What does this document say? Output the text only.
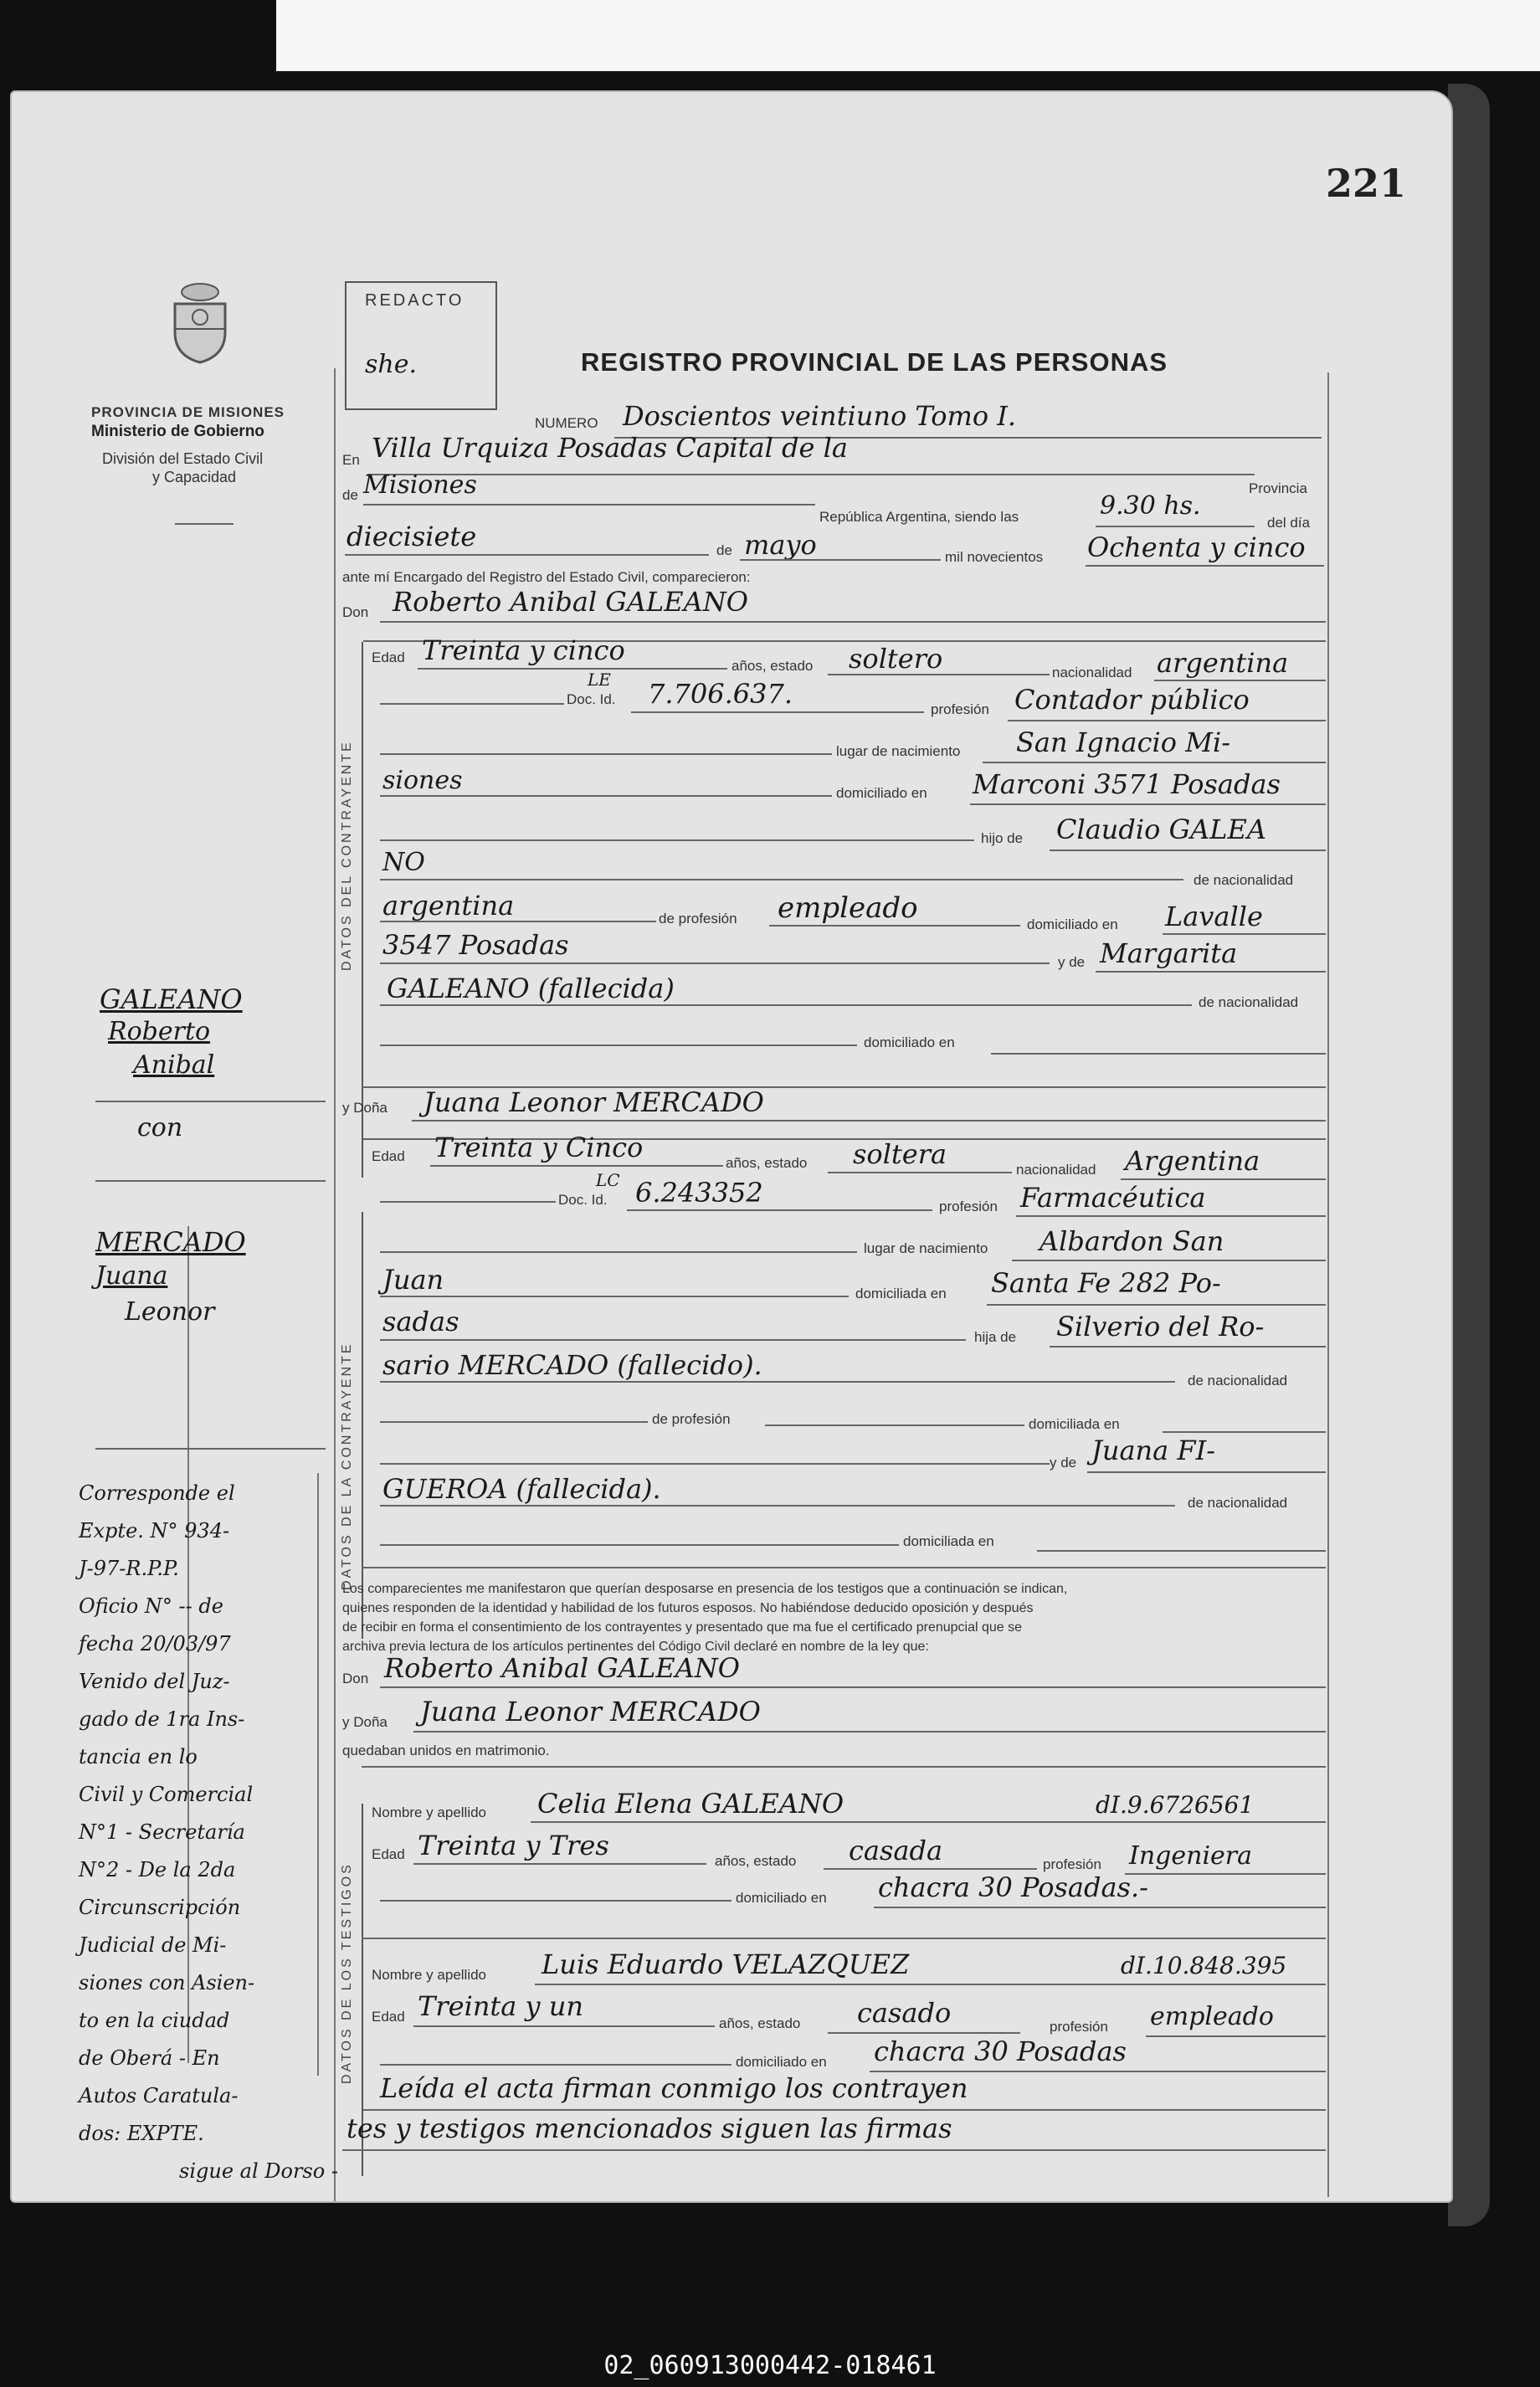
221
PROVINCIA DE MISIONES
Ministerio de Gobierno
División del Estado Civil
y Capacidad
REDACTO
she.	REGISTRO PROVINCIAL DE LAS PERSONAS
DATOS DEL CONTRAYENTE
DATOS DE LA CONTRAYENTE
DATOS DE LOS TESTIGOS
NUMERO Doscientos veintiuno Tomo I.
En Villa Urquiza Posadas Capital de la
Provincia
de Misiones
República Argentina, siendo las	9.30 hs.
del día
diecisiete	de mayo	mil novecientos Ochenta y cinco
ante mí Encargado del Registro del Estado Civil, comparecieron:
Don Roberto Anibal GALEANO
Edad Treinta y cinco	años, estado soltero	nacionalidad argentina
LE
Doc. Id. 7.706.637.	profesión Contador público
lugar de nacimiento San Ignacio Mi-
siones	domiciliado en Marconi 3571 Posadas
hijo de Claudio GALEA
NO
de nacionalidad
argentina	de profesión empleado	domiciliado en Lavalle
3547 Posadas
y de Margarita
GALEANO (fallecida)	de nacionalidad
domiciliado en
y Doña Juana Leonor MERCADO
Edad Treinta y Cinco	años, estado soltera	nacionalidad Argentina
LC
Doc. Id. 6.243352	profesión Farmacéutica
lugar de nacimiento Albardon San
Juan	domiciliada en Santa Fe 282 Po-
sadas	hija de Silverio del Ro-
sario MERCADO (fallecido).	de nacionalidad
de profesión	domiciliada en
y de Juana FI-
GUEROA (fallecida).	de nacionalidad
domiciliada en
Los comparecientes me manifestaron que querían desposarse en presencia de los testigos que a continuación se indican,
quienes responden de la identidad y habilidad de los futuros esposos. No habiéndose deducido oposición y después
de recibir en forma el consentimiento de los contrayentes y presentado que ma fue el certificado prenupcial que se
archiva previa lectura de los artículos pertinentes del Código Civil declaré en nombre de la ley que:
Don Roberto Anibal GALEANO
y Doña Juana Leonor MERCADO
quedaban unidos en matrimonio.
Nombre y apellido Celia Elena GALEANO	dI.9.6726561
Edad Treinta y Tres	años, estado casada	profesión Ingeniera
domiciliado en chacra 30 Posadas.-
Nombre y apellido Luis Eduardo VELAZQUEZ	dI.10.848.395
Edad Treinta y un
años, estado casado	profesión empleado
domiciliado en chacra 30 Posadas
Leída el acta firman conmigo los contrayen
tes y testigos mencionados siguen las firmas
GALEANO
Roberto
Anibal
con
MERCADO
Juana
Leonor
Corresponde el
Expte. N° 934-
J-97-R.P.P.
Oficio N° -- de
fecha 20/03/97
Venido del Juz-
gado de 1ra Ins-
tancia en lo
Civil y Comercial
N°1 - Secretaría
N°2 - De la 2da
Circunscripción
Judicial de Mi-
siones con Asien-
to en la ciudad
de Oberá - En
Autos Caratula-
dos: EXPTE.
sigue al Dorso -
02_060913000442-018461
